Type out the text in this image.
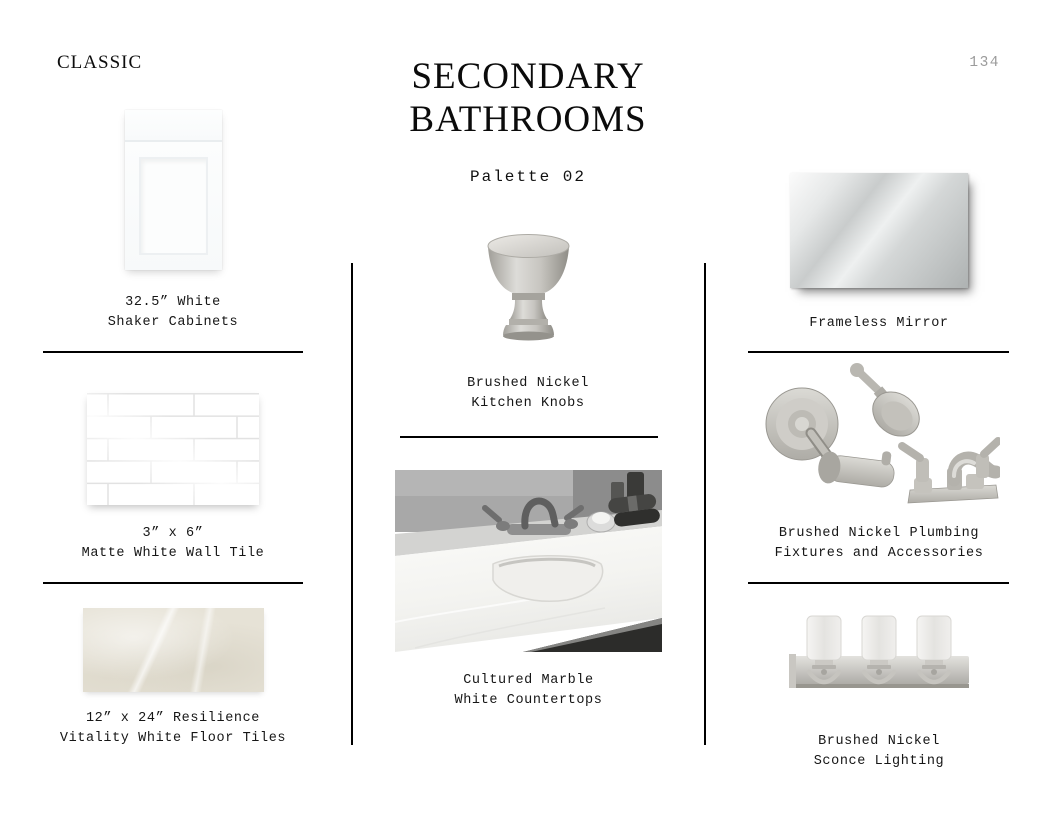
CLASSIC	SECONDARY
BATHROOMS
Palette 02
134
32.5” White
Shaker Cabinets
3” x 6”
Matte White Wall Tile
12” x 24” Resilience
Vitality White Floor Tiles
Brushed Nickel
Kitchen Knobs
Cultured Marble
White Countertops
Frameless Mirror
Brushed Nickel Plumbing
Fixtures and Accessories
Brushed Nickel
Sconce Lighting
